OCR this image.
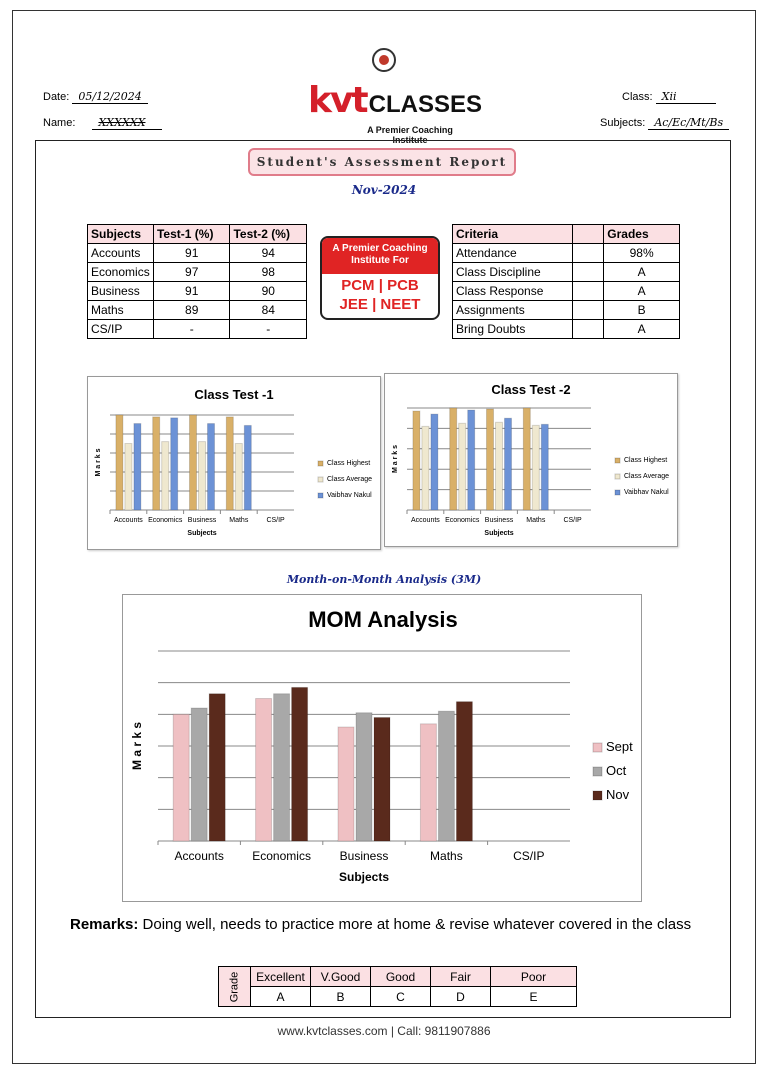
Date: 05/12/2024
Name: XXXXXX
Class: Xii
Subjects: Ac/Ec/Mt/Bs
kvtCLASSES
A Premier Coaching Institute
Student's Assessment Report
Nov-2024
Subjects	Test-1 (%)	Test-2 (%)
Accounts	91	94
Economics	97	98
Business	91	90
Maths	89	84
CS/IP	-	-
A Premier Coaching
Institute For
PCM | PCB
JEE | NEET
Criteria		Grades
Attendance		98%
Class Discipline		A
Class Response		A
Assignments		B
Bring Doubts		A
Class Test -1
Accounts Economics Business Maths	CS/IP
Subjects
M a r k s	Class Highest
Class Average
Vaibhav Nakul
Class Test -2
Accounts Economics Business Maths	CS/IP
Subjects
M a r k s	Class Highest
Class Average
Vaibhav Nakul
Month-on-Month Analysis (3M)
MOM Analysis
Accounts Economics Business	Maths	CS/IP
Subjects
M a r k s	Sept
Oct
Nov
Remarks: Doing well, needs to practice more at home & revise whatever covered in the class
Grade	Excellent	V.Good	Good	Fair	Poor
	A	B	C	D	E
www.kvtclasses.com | Call: 9811907886
